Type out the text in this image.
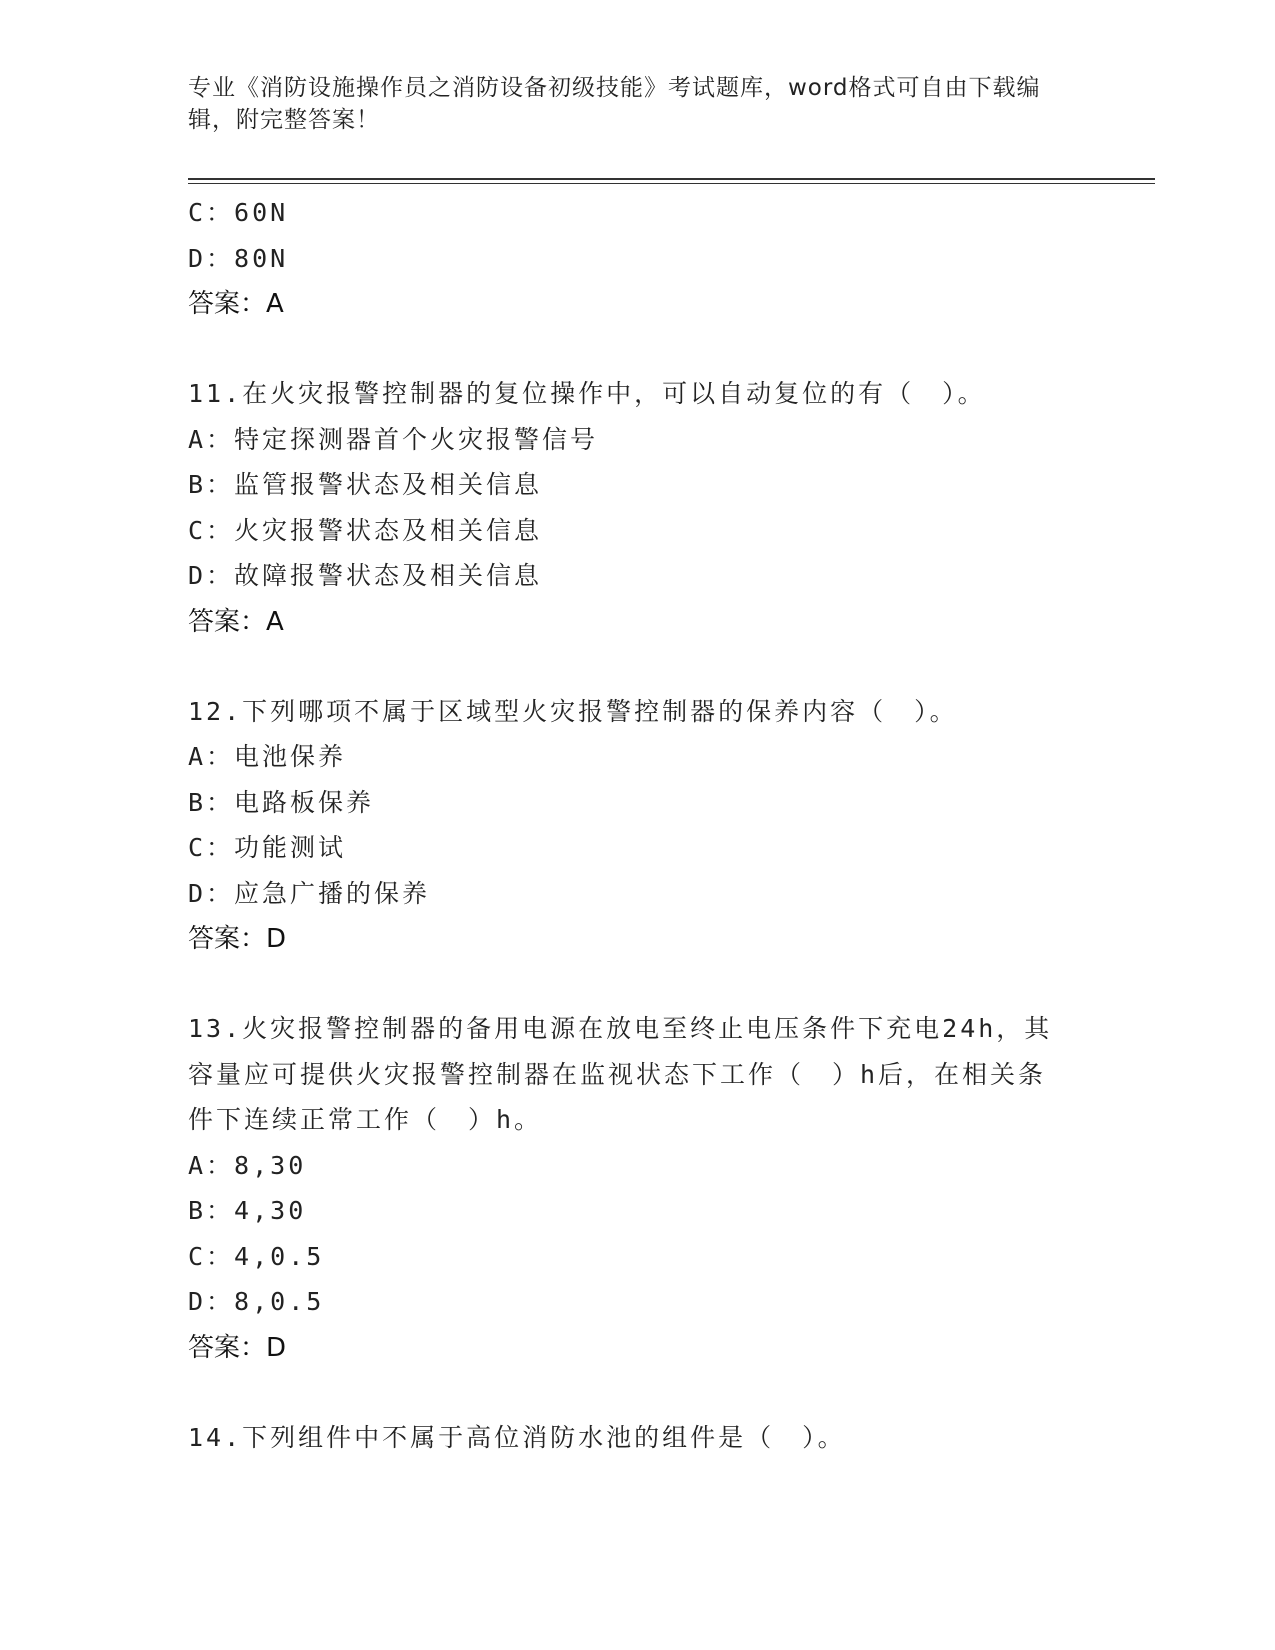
专业《消防设施操作员之消防设备初级技能》考试题库，word格式可自由下载编辑，附完整答案！
C：60N
D：80N
答案：A
11.在火灾报警控制器的复位操作中，可以自动复位的有（　）。
A：特定探测器首个火灾报警信号
B：监管报警状态及相关信息
C：火灾报警状态及相关信息
D：故障报警状态及相关信息
答案：A
12.下列哪项不属于区域型火灾报警控制器的保养内容（　）。
A：电池保养
B：电路板保养
C：功能测试
D：应急广播的保养
答案：D
13.火灾报警控制器的备用电源在放电至终止电压条件下充电24h，其
容量应可提供火灾报警控制器在监视状态下工作（　）h后，在相关条
件下连续正常工作（　）h。
A：8,30
B：4,30
C：4,0.5
D：8,0.5
答案：D
14.下列组件中不属于高位消防水池的组件是（　）。
